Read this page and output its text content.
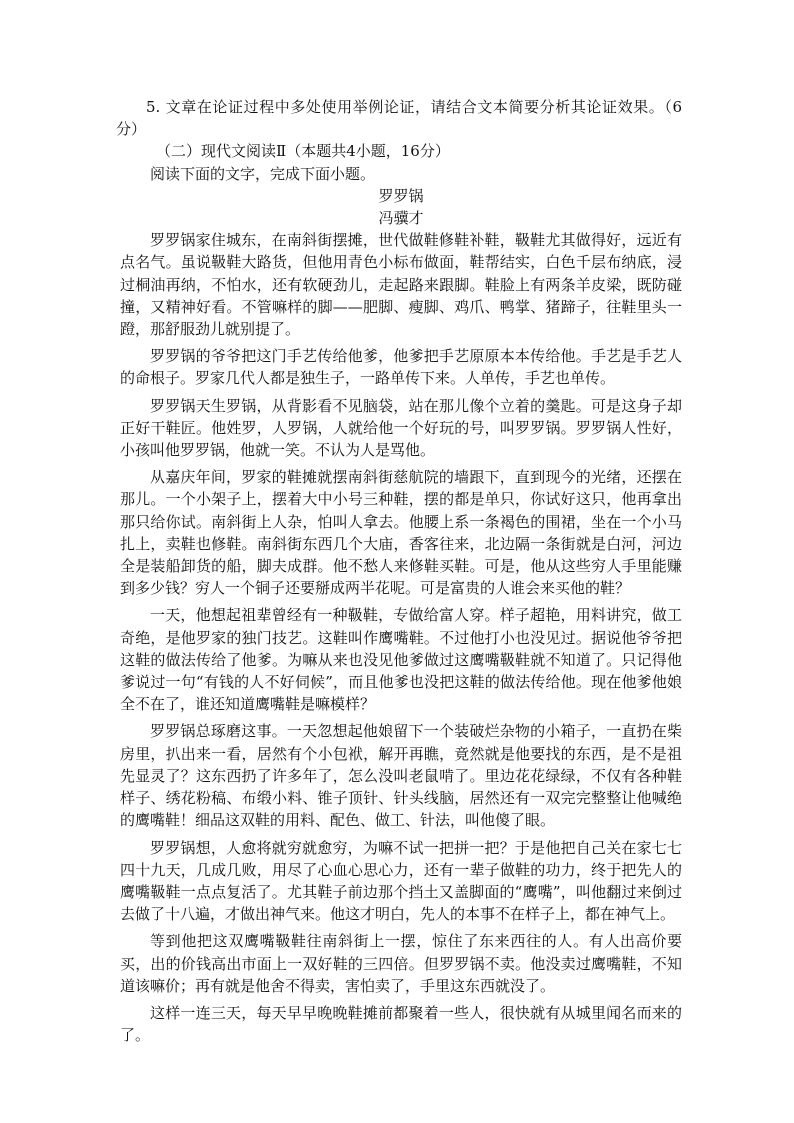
5. 文章在论证过程中多处使用举例论证，请结合文本简要分析其论证效果。（6分）

（二）现代文阅读Ⅱ（本题共4小题，16分）

阅读下面的文字，完成下面小题。

罗罗锅
冯骥才

罗罗锅家住城东，在南斜街摆摊，世代做鞋修鞋补鞋，靸鞋尤其做得好，远近有点名气。虽说靸鞋大路货，但他用青色小标布做面，鞋帮结实，白色千层布纳底，浸过桐油再纳，不怕水，还有软硬劲儿，走起路来跟脚。鞋脸上有两条羊皮梁，既防碰撞，又精神好看。不管嘛样的脚——肥脚、瘦脚、鸡爪、鸭掌、猪蹄子，往鞋里头一蹬，那舒服劲儿就别提了。

罗罗锅的爷爷把这门手艺传给他爹，他爹把手艺原原本本传给他。手艺是手艺人的命根子。罗家几代人都是独生子，一路单传下来。人单传，手艺也单传。

罗罗锅天生罗锅，从背影看不见脑袋，站在那儿像个立着的羹匙。可是这身子却正好干鞋匠。他姓罗，人罗锅，人就给他一个好玩的号，叫罗罗锅。罗罗锅人性好，小孩叫他罗罗锅，他就一笑。不认为人是骂他。

从嘉庆年间，罗家的鞋摊就摆南斜街慈航院的墙跟下，直到现今的光绪，还摆在那儿。一个小架子上，摆着大中小号三种鞋，摆的都是单只，你试好这只，他再拿出那只给你试。南斜街上人杂，怕叫人拿去。他腰上系一条褐色的围裙，坐在一个小马扎上，卖鞋也修鞋。南斜街东西几个大庙，香客往来，北边隔一条街就是白河，河边全是装船卸货的船，脚夫成群。他不愁人来修鞋买鞋。可是，他从这些穷人手里能赚到多少钱？穷人一个铜子还要掰成两半花呢。可是富贵的人谁会来买他的鞋？

一天，他想起祖辈曾经有一种靸鞋，专做给富人穿。样子超艳，用料讲究，做工奇绝，是他罗家的独门技艺。这鞋叫作鹰嘴鞋。不过他打小也没见过。据说他爷爷把这鞋的做法传给了他爹。为嘛从来也没见他爹做过这鹰嘴靸鞋就不知道了。只记得他爹说过一句“有钱的人不好伺候”，而且他爹也没把这鞋的做法传给他。现在他爹他娘全不在了，谁还知道鹰嘴鞋是嘛模样？

罗罗锅总琢磨这事。一天忽想起他娘留下一个装破烂杂物的小箱子，一直扔在柴房里，扒出来一看，居然有个小包袱，解开再瞧，竟然就是他要找的东西，是不是祖先显灵了？这东西扔了许多年了，怎么没叫老鼠啃了。里边花花绿绿，不仅有各种鞋样子、绣花粉稿、布缎小料、锥子顶针、针头线脑，居然还有一双完完整整让他喊绝的鹰嘴鞋！细品这双鞋的用料、配色、做工、针法，叫他傻了眼。

罗罗锅想，人愈将就穷就愈穷，为嘛不试一把拼一把？于是他把自己关在家七七四十九天，几成几败，用尽了心血心思心力，还有一辈子做鞋的功力，终于把先人的鹰嘴靸鞋一点点复活了。尤其鞋子前边那个挡土又盖脚面的“鹰嘴”，叫他翻过来倒过去做了十八遍，才做出神气来。他这才明白，先人的本事不在样子上，都在神气上。

等到他把这双鹰嘴靸鞋往南斜街上一摆，惊住了东来西往的人。有人出高价要买，出的价钱高出市面上一双好鞋的三四倍。但罗罗锅不卖。他没卖过鹰嘴鞋，不知道该嘛价；再有就是他舍不得卖，害怕卖了，手里这东西就没了。

这样一连三天，每天早早晚晚鞋摊前都聚着一些人，很快就有从城里闻名而来的了。
